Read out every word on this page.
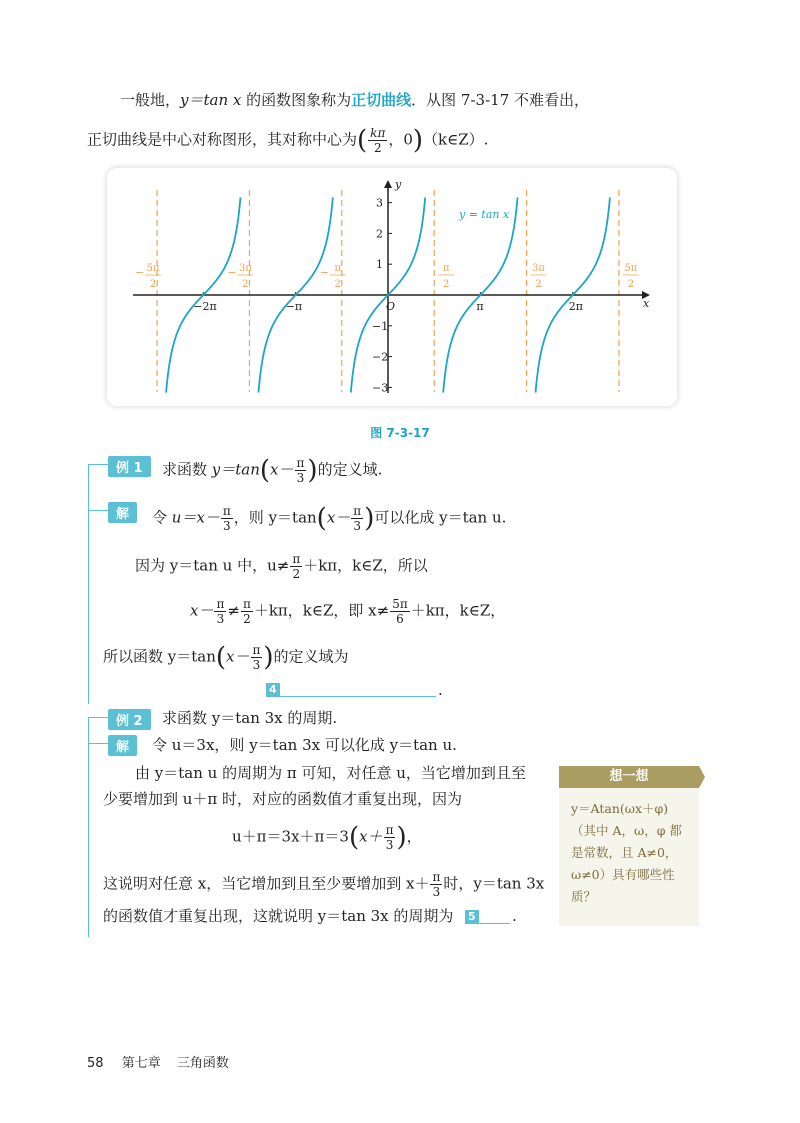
一般地，y＝tan x 的函数图象称为正切曲线．从图 7-3-17 不难看出，
正切曲线是中心对称图形，其对称中心为( $\frac{k\pi}{2}$ ，0)（k∈Z）.
−2π	−π	π	2π
3
2
1
−1
−2
−3
x
y
O
y = tan x
− 5π
2
− 3π
2
− π
2
π
2
3π
2
5π
2
图 7-3-17
例 1	求函数 $y=\tan(x- \frac{\pi}{3}$ )的定义域.
解	令 $u=x- \frac{\pi}{3}$ ，则 $y=\tan(x- \frac{\pi}{3}$ )可以化成 y＝tan u.
因为 y＝tan u 中，$u\ne \frac{\pi}{2} +k\pi$，k∈Z，所以
$x- \frac{\pi}{3} \ne \frac{\pi}{2} +k\pi$，k∈Z，即 $x\ne \frac{5\pi}{6} +k\pi$，k∈Z，
所以函数 $y=\tan(x- \frac{\pi}{3}$ )的定义域为
4	.
例 2	求函数 y＝tan 3x 的周期.
解	令 u＝3x，则 y＝tan 3x 可以化成 y＝tan u.
由 y＝tan u 的周期为 π 可知，对任意 u，当它增加到且至
少要增加到 u＋π 时，对应的函数值才重复出现，因为
$u+\pi=3x+\pi=3(x+ \frac{\pi}{3}$ )，
这说明对任意 x，当它增加到且至少要增加到 $x+ \frac{\pi}{3}$ 时，y＝tan 3x
的函数值才重复出现，这就说明 y＝tan 3x 的周期为 5 .
y＝Atan(ωx＋φ)（其中 A，ω，φ 都是常数，且 A≠0，ω≠0）具有哪些性质？
想一想
58 第七章 三角函数
